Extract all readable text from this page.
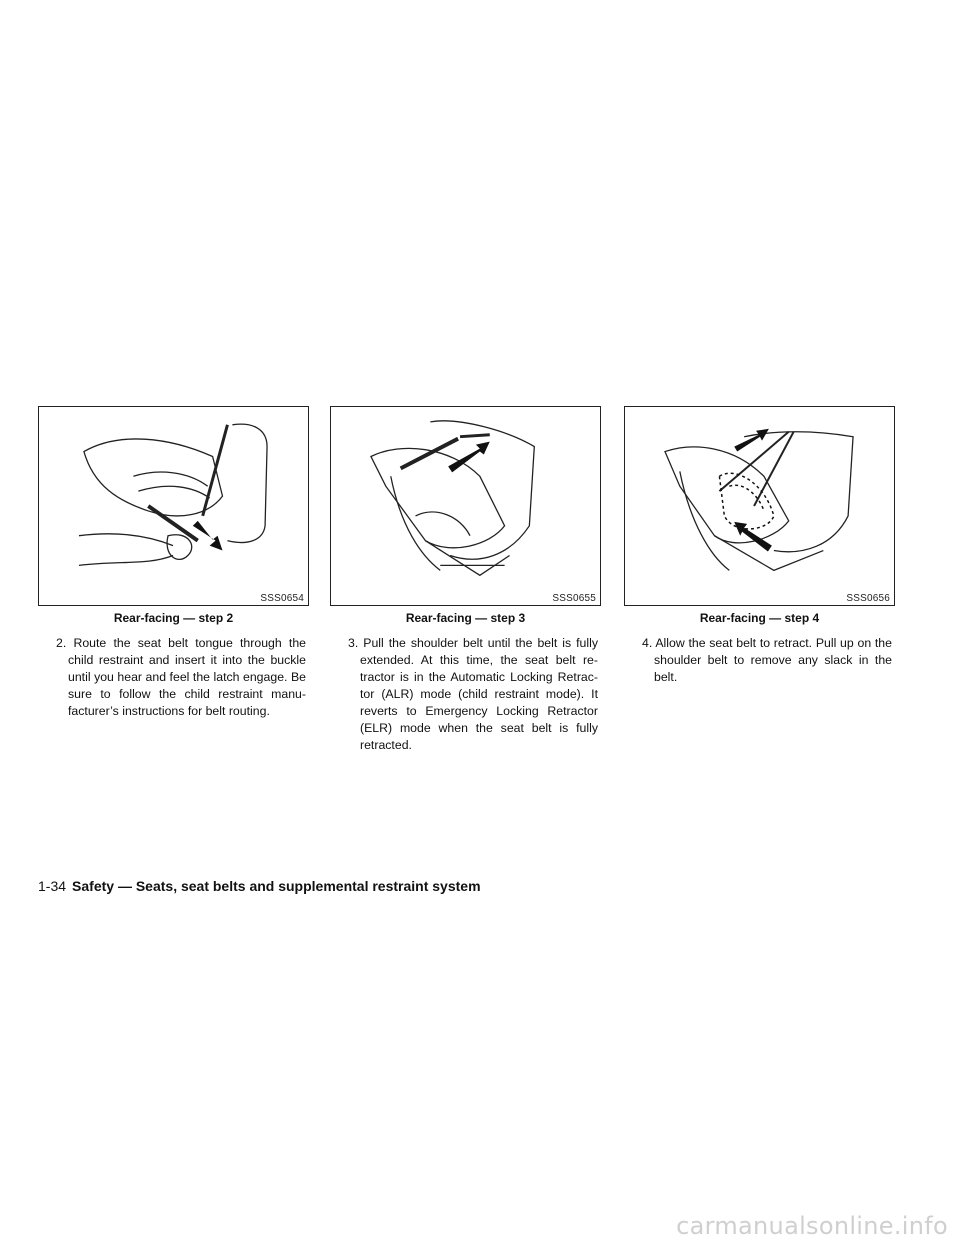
SSS0654
Rear-facing — step 2
SSS0655
Rear-facing — step 3
SSS0656
Rear-facing — step 4

2. Route the seat belt tongue through the child restraint and insert it into the buckle until you hear and feel the latch engage. Be sure to follow the child restraint manu-facturer’s instructions for belt routing.

3. Pull the shoulder belt until the belt is fully extended. At this time, the seat belt re-tractor is in the Automatic Locking Retrac-tor (ALR) mode (child restraint mode). It reverts to Emergency Locking Retractor (ELR) mode when the seat belt is fully retracted.

4. Allow the seat belt to retract. Pull up on the shoulder belt to remove any slack in the belt.

1-34 Safety — Seats, seat belts and supplemental restraint system
carmanualsonline.info
